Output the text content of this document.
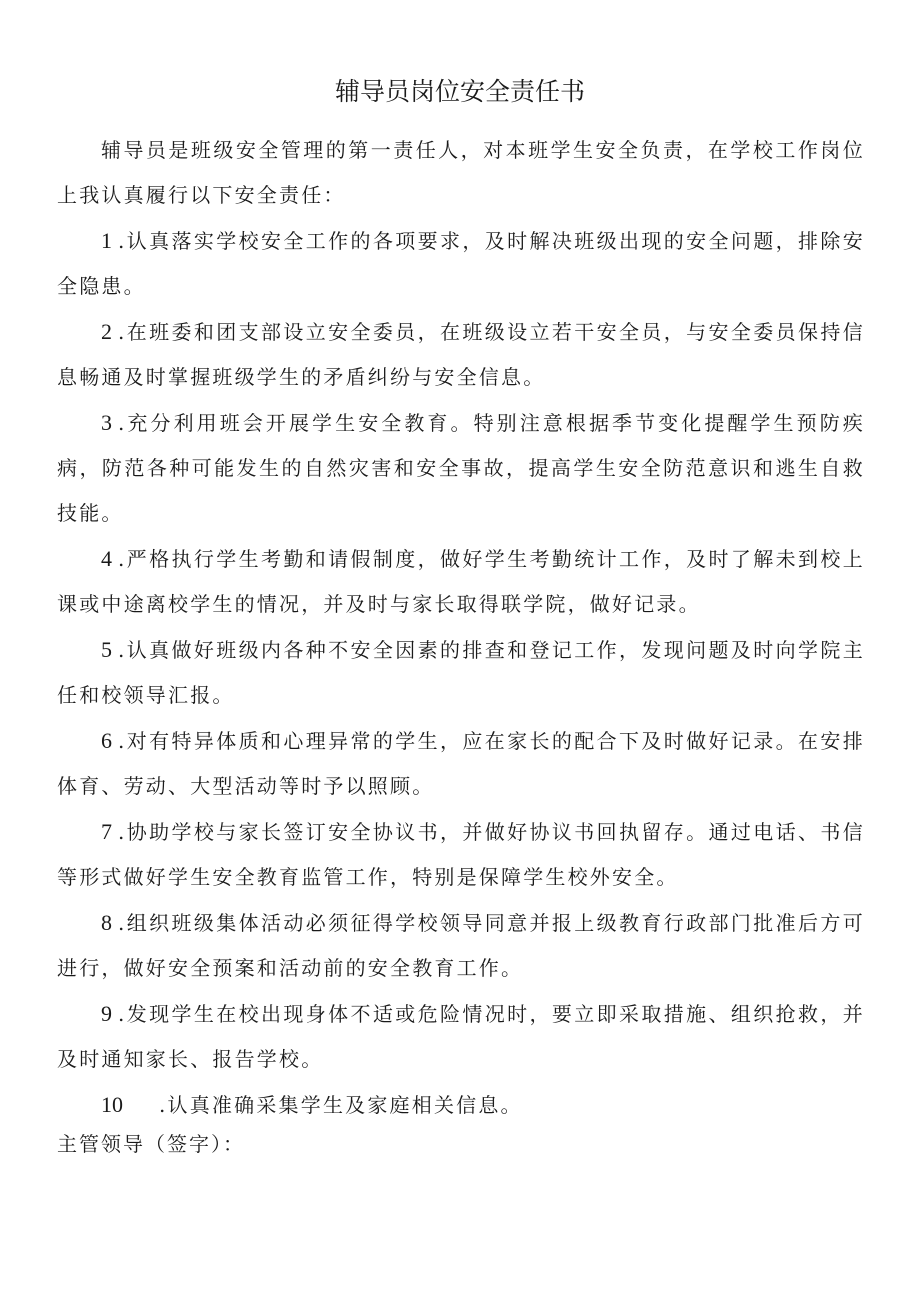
辅导员岗位安全责任书

辅导员是班级安全管理的第一责任人，对本班学生安全负责，在学校工作岗位上我认真履行以下安全责任：

1 .认真落实学校安全工作的各项要求，及时解决班级出现的安全问题，排除安全隐患。

2 .在班委和团支部设立安全委员，在班级设立若干安全员，与安全委员保持信息畅通及时掌握班级学生的矛盾纠纷与安全信息。

3 .充分利用班会开展学生安全教育。特别注意根据季节变化提醒学生预防疾病，防范各种可能发生的自然灾害和安全事故，提高学生安全防范意识和逃生自救技能。

4 .严格执行学生考勤和请假制度，做好学生考勤统计工作，及时了解未到校上课或中途离校学生的情况，并及时与家长取得联学院，做好记录。

5 .认真做好班级内各种不安全因素的排查和登记工作，发现问题及时向学院主任和校领导汇报。

6 .对有特异体质和心理异常的学生，应在家长的配合下及时做好记录。在安排体育、劳动、大型活动等时予以照顾。

7 .协助学校与家长签订安全协议书，并做好协议书回执留存。通过电话、书信等形式做好学生安全教育监管工作，特别是保障学生校外安全。

8 .组织班级集体活动必须征得学校领导同意并报上级教育行政部门批准后方可进行，做好安全预案和活动前的安全教育工作。

9 .发现学生在校出现身体不适或危险情况时，要立即采取措施、组织抢救，并及时通知家长、报告学校。

10 .认真准确采集学生及家庭相关信息。

主管领导（签字）：
